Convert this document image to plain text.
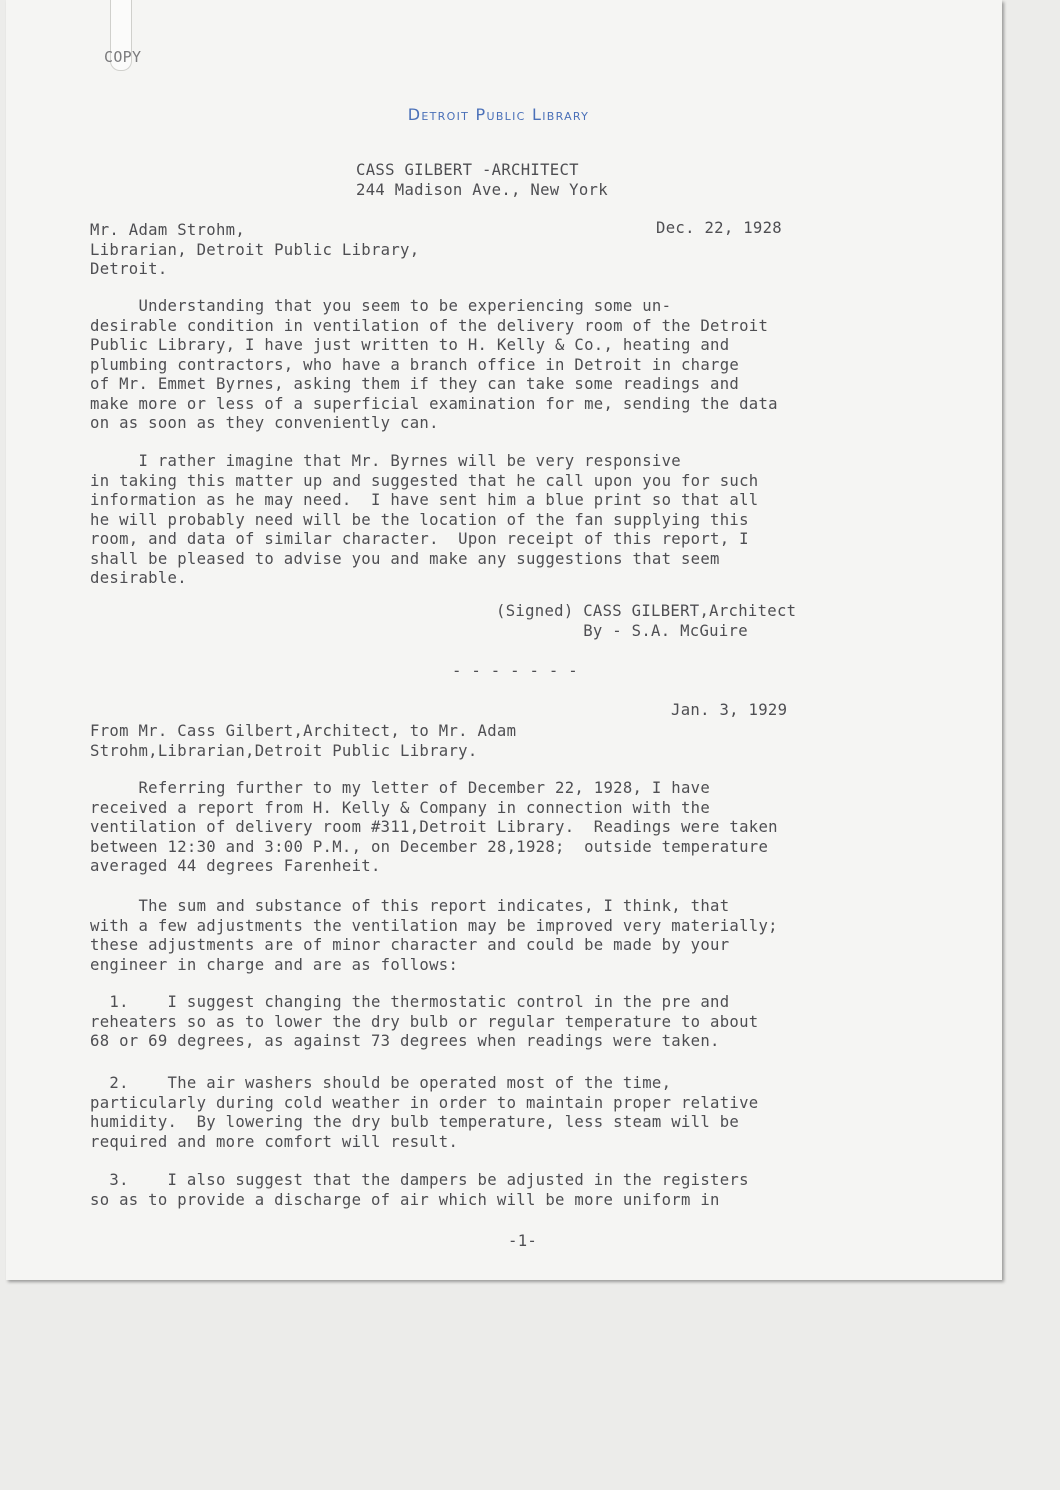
COPY
Detroit Public Library
CASS GILBERT -ARCHITECT
244 Madison Ave., New York
Dec. 22, 1928
Mr. Adam Strohm,
Librarian, Detroit Public Library,
Detroit.
Understanding that you seem to be experiencing some un-
desirable condition in ventilation of the delivery room of the Detroit
Public Library, I have just written to H. Kelly & Co., heating and
plumbing contractors, who have a branch office in Detroit in charge
of Mr. Emmet Byrnes, asking them if they can take some readings and
make more or less of a superficial examination for me, sending the data
on as soon as they conveniently can.
I rather imagine that Mr. Byrnes will be very responsive
in taking this matter up and suggested that he call upon you for such
information as he may need.  I have sent him a blue print so that all
he will probably need will be the location of the fan supplying this
room, and data of similar character.  Upon receipt of this report, I
shall be pleased to advise you and make any suggestions that seem
desirable.
(Signed) CASS GILBERT,Architect
By - S.A. McGuire
- - - - - - -
Jan. 3, 1929
From Mr. Cass Gilbert,Architect, to Mr. Adam
Strohm,Librarian,Detroit Public Library.
Referring further to my letter of December 22, 1928, I have
received a report from H. Kelly & Company in connection with the
ventilation of delivery room #311,Detroit Library.  Readings were taken
between 12:30 and 3:00 P.M., on December 28,1928;  outside temperature
averaged 44 degrees Farenheit.
The sum and substance of this report indicates, I think, that
with a few adjustments the ventilation may be improved very materially;
these adjustments are of minor character and could be made by your
engineer in charge and are as follows:
1.    I suggest changing the thermostatic control in the pre and
reheaters so as to lower the dry bulb or regular temperature to about
68 or 69 degrees, as against 73 degrees when readings were taken.
2.    The air washers should be operated most of the time,
particularly during cold weather in order to maintain proper relative
humidity.  By lowering the dry bulb temperature, less steam will be
required and more comfort will result.
3.    I also suggest that the dampers be adjusted in the registers
so as to provide a discharge of air which will be more uniform in
-1-
